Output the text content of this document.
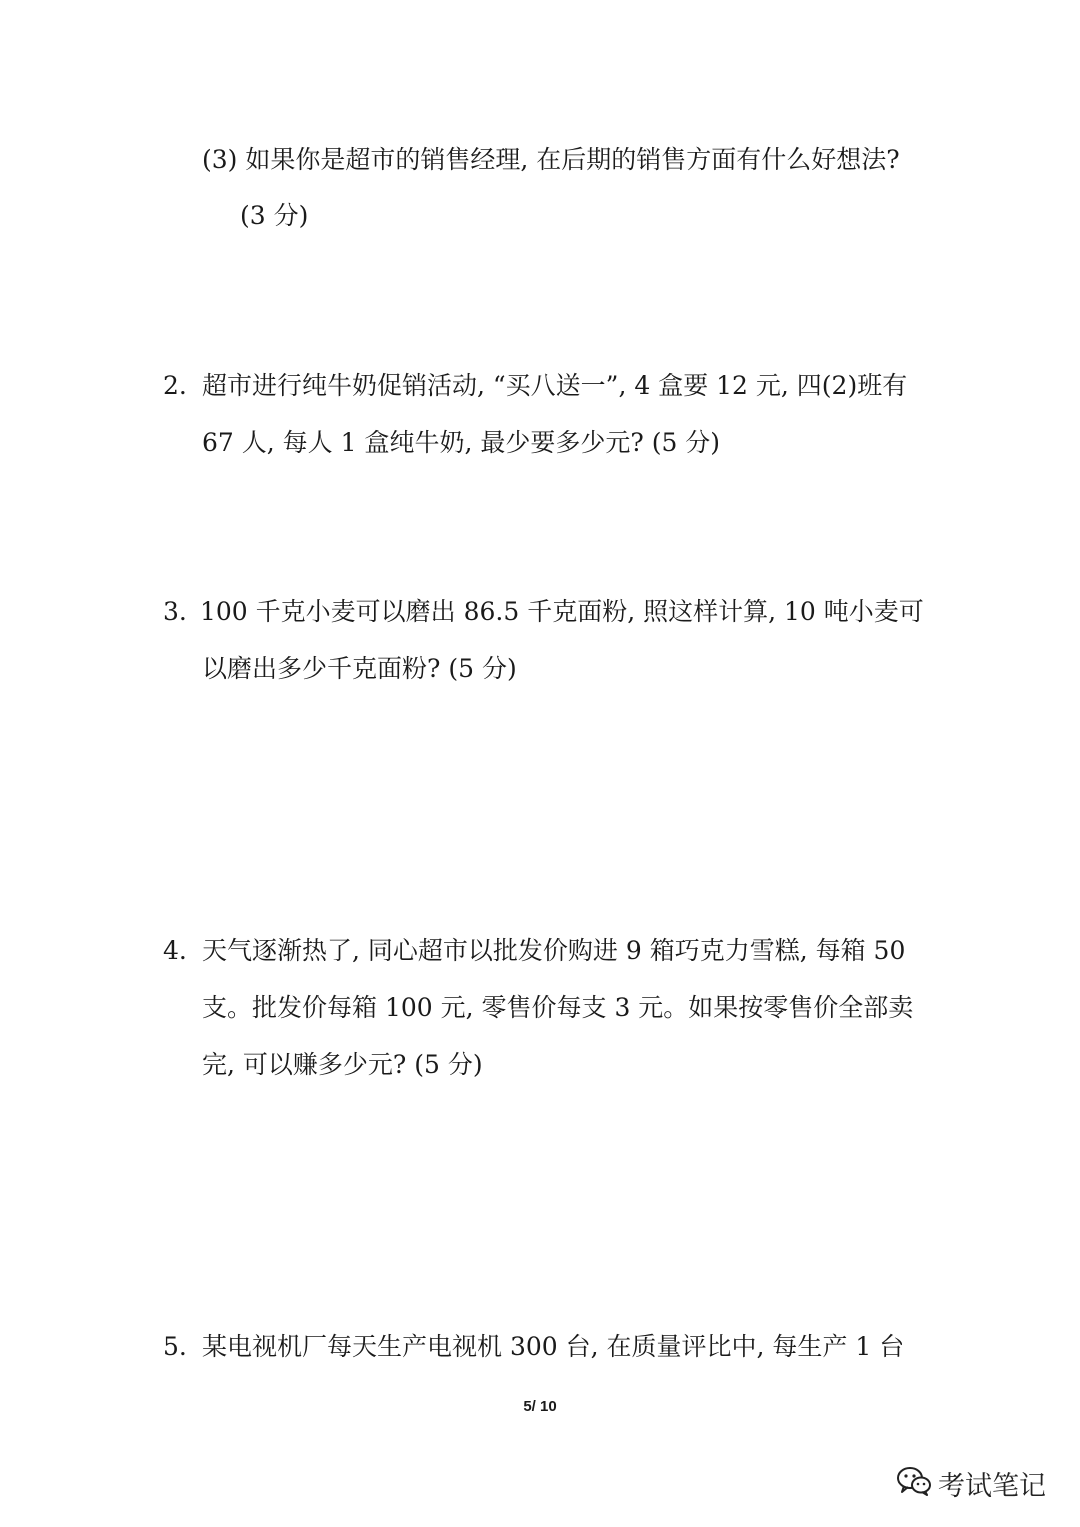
(3) 如果你是超市的销售经理, 在后期的销售方面有什么好想法?
(3 分)
2. 超市进行纯牛奶促销活动, “买八送一”, 4 盒要 12 元, 四(2)班有
67 人, 每人 1 盒纯牛奶, 最少要多少元? (5 分)
3. 100 千克小麦可以磨出 86.5 千克面粉, 照这样计算, 10 吨小麦可
以磨出多少千克面粉? (5 分)
4. 天气逐渐热了, 同心超市以批发价购进 9 箱巧克力雪糕, 每箱 50
支。批发价每箱 100 元, 零售价每支 3 元。如果按零售价全部卖
完, 可以赚多少元? (5 分)
5. 某电视机厂每天生产电视机 300 台, 在质量评比中, 每生产 1 台
5/ 10
考试笔记
